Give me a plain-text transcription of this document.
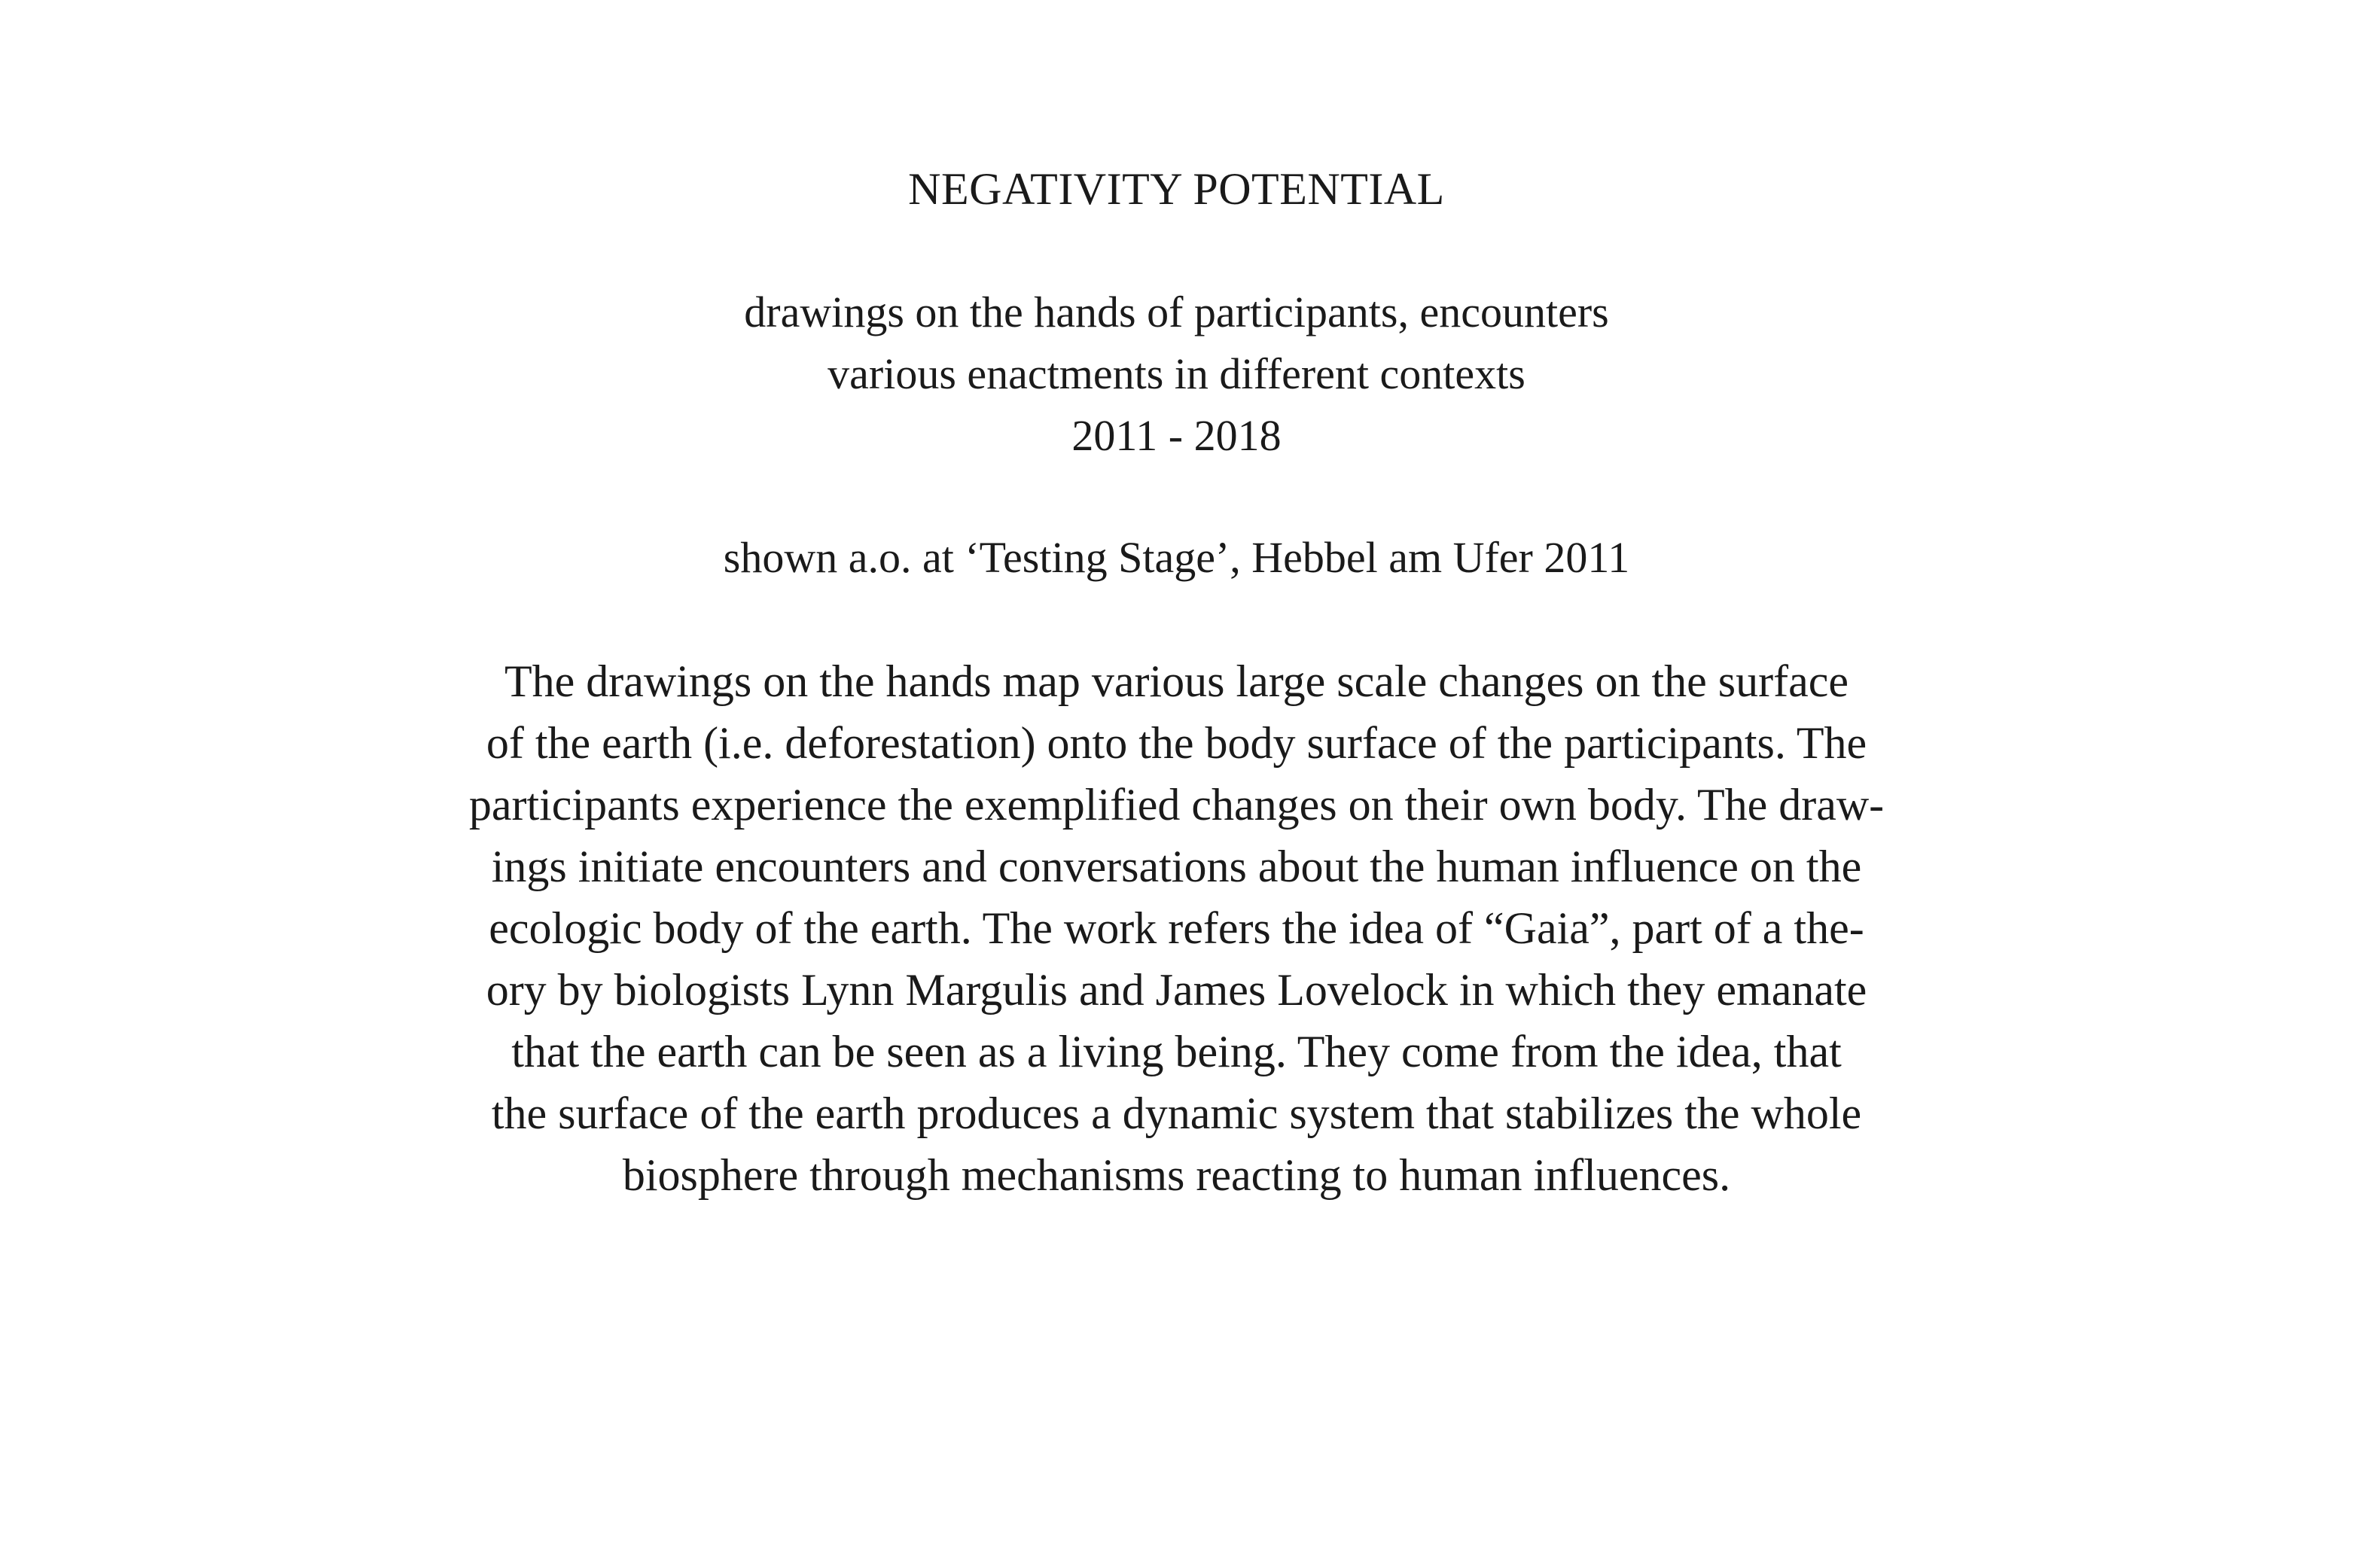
NEGATIVITY POTENTIAL
drawings on the hands of participants, encounters
various enactments in different contexts
2011 - 2018
shown a.o. at ‘Testing Stage’, Hebbel am Ufer 2011
The drawings on the hands map various large scale changes on the surface
of the earth (i.e. deforestation) onto the body surface of the participants. The
participants experience the exemplified changes on their own body. The draw-
ings initiate encounters and conversations about the human influence on the
ecologic body of the earth. The work refers the idea of “Gaia”, part of a the-
ory by biologists Lynn Margulis and James Lovelock in which they emanate
that the earth can be seen as a living being. They come from the idea, that
the surface of the earth produces a dynamic system that stabilizes the whole
biosphere through mechanisms reacting to human influences.
